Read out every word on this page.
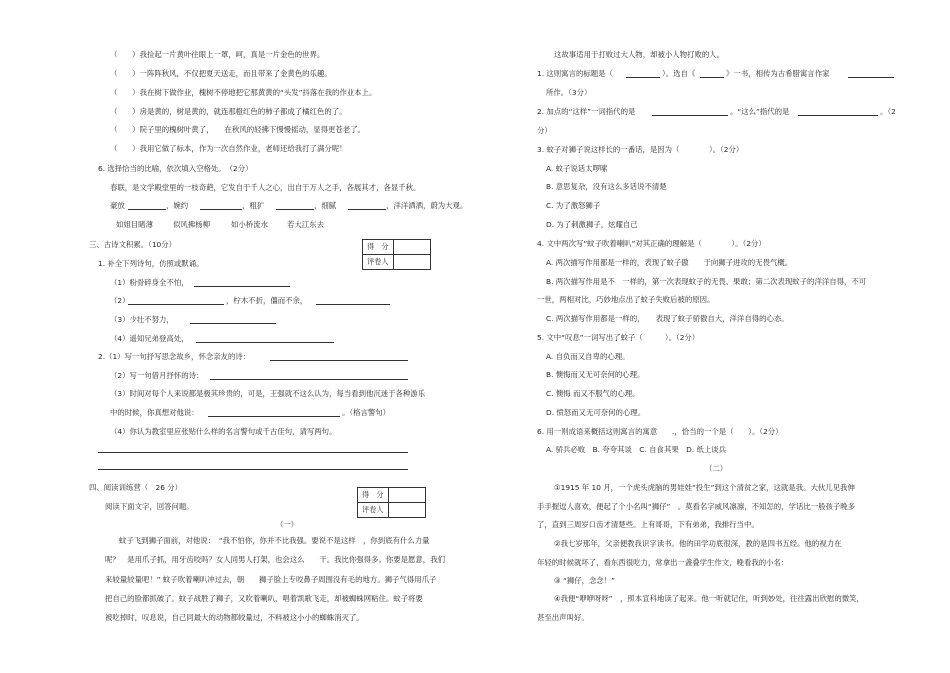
（　　）我捡起一片黄叶往眼上一罩，呵，真是一片金色的世界。
（　　）一阵阵秋风，不仅把夏天送走，而且带来了金黄色的乐趣。
（　　）我在树下做作业，槐树不停地把它那黄黄的“头发”抖落在我的作业本上。
（　　）房是黄的，树是黄的，就连那橙红色的柿子都成了橘红色的了。
（　　）院子里的槐树叶黄了，　　在秋风的轻拂下慢慢摇动，显得更苍老了。
（　　）我用它做了标本，作为一次自然作业，老师还给我打了满分呢！
6. 选择恰当的比喻，依次填入空格处。　（2分）
春联，是文学殿堂里的一枝奇葩，它发自于千人之心，出自于万人之手，各展其才，各显千秋。
豪放	，婉约	，粗犷	，细腻	，洋洋洒洒，蔚为大观。
如姐目睹薄	似风拂杨柳	如小桥流水	若大江东去
三、古诗文积累。（10分）	得　分	
评卷人	
1. 补全下列诗句，仿照或默诵。
（1）粉骨碎身全不怕，
（2）	，柠木不折，僵而不余，
（3）少壮不努力，
（4）遥知兄弟登高处，
2.（1）写一句抒写思念故乡，怀念亲友的诗：
（2）写一句借月抒怀的诗：
（3）时间对每个人来说都是极其珍贵的，可是，王强就不这么认为，每当看到他沉迷于各种游乐
中的时候，你真想对他说：	。（格言警句）
（4）你认为教室里应张贴什么样的名言警句或千古佳句，请写两句。
四、阅读训练营（　26 分）
得　分	
评卷人	
阅读下面文字，回答问题。
（一）
蚊子飞到狮子面前，对他说：　“我不怕你，你并不比我强。要说不是这样　，你到底有什么力量
呢？　是用爪子抓，用牙齿咬吗？女人同男人打架，也会这么　　干。我比你强得多。你要是愿意，我们
来较量较量吧！” 蚊子吹着喇叭冲过去，朝　　狮子脸上专咬鼻子周围没有毛的地方。狮子气得用爪子
把自己的脸都抓破了。蚊子战胜了狮子，又吹着喇叭，唱着凯歌飞走，却被蜘蛛网粘住。蚊子将要
被吃掉时，叹息说，自己同最大的动物都较量过，不料被这小小的蜘蛛消灭了。
这故事适用于打败过大人物，却被小人物打败的人。
1. 这则寓言的标题是（	）。选自《	》一书，相传为古希腊寓言作家
所作。（3分）
2. 加点的“这样”一词指代的是	。“这么”指代的是	。（2
分）
3. 蚊子对狮子说这样长的一番话，是因为（　　　　）。（2分）
A. 蚊子说话太啰嗦
B. 意思复杂，没有这么多话说不清楚
C. 为了激怒狮子
D. 为了刺激狮子，炫耀自己
4. 文中两次写“蚊子吹着喇叭”对其正确的理解是（　　　　）。（2分）
A. 两次描写作用都是一样的，表现了蚊子傲　　于向狮子进攻的无畏气概。
B. 两次描写作用是不　一样的，第一次表现蚊子的无畏、果敢；第二次表现蚊子的洋洋自得，不可
一世，两相对比，巧妙地点出了蚊子失败后被的原因。
C. 两次描写作用都是一样的，　　表现了蚊子骄傲自大，洋洋自得的心态。
5. 文中“叹息”一词写出了蚊子（　　　）。（2分）
A. 自负而又自卑的心理。
B. 懊悔而又无可奈何的心理。
C. 懊悔 而又不服气的心理。
D. 愤怒而又无可奈何的心理。
6. 用一则成语来概括这则寓言的寓意　　.，恰当的一个是（　　）。（2分）
A. 骄兵必败　B. 夸夸其谈　C. 自食其果　D. 纸上谈兵
（二）
①1915 年 10 月，一个虎头虎脑的男娃娃“投生”到这个清贫之家，这就是我。大伙儿见我伸
手手握逗人喜欢，便起了个小名叫“狮仔”　。莫看名字威风凛凛，不知怎的，学话比一般孩子晚多
了，直到三周岁口齿才清楚些。上有哥哥，下有弟弟，我排行当中。
②我七岁那年，父亲便教我识字读书。他的田学功底很深，教的是四书五经。他的视力在
年轻的时候就坏了，看东西很吃力，常拿出一盏叠学生作文，晚看我的小名：
③ “狮仔，念念！”
④我便“咿咿呀呀”　，照本宣科地读了起来。他一听就记住，听到妙处，往往露出欣慰的微笑，
甚至出声叫好。
